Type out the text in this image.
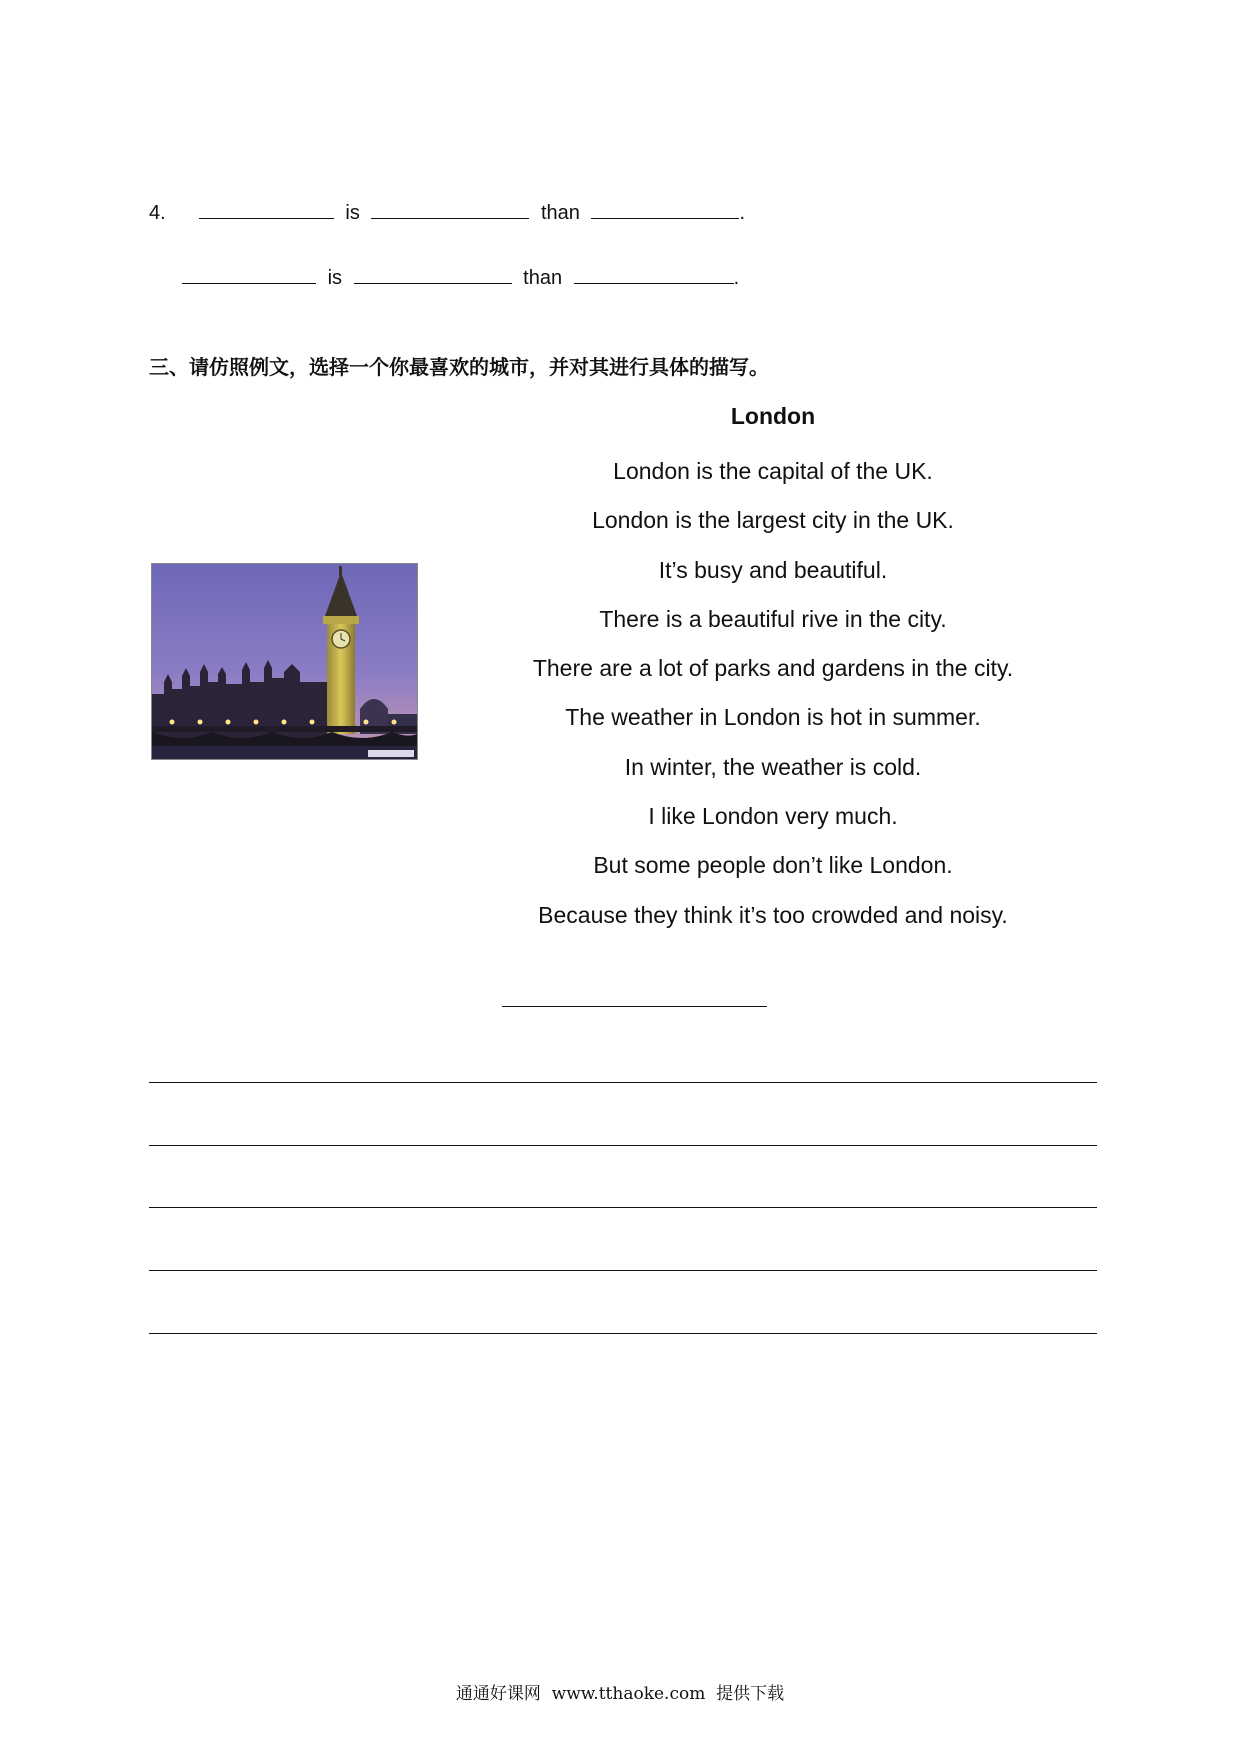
4.	is	than	.
is	than	.
三、请仿照例文，选择一个你最喜欢的城市，并对其进行具体的描写。
London
London is the capital of the UK.
London is the largest city in the UK.
It’s busy and beautiful.
There is a beautiful rive in the city.
There are a lot of parks and gardens in the city.
The weather in London is hot in summer.
In winter, the weather is cold.
I like London very much.
But some people don’t like London.
Because they think it’s too crowded and noisy.
通通好课网  www.tthaoke.com  提供下载
